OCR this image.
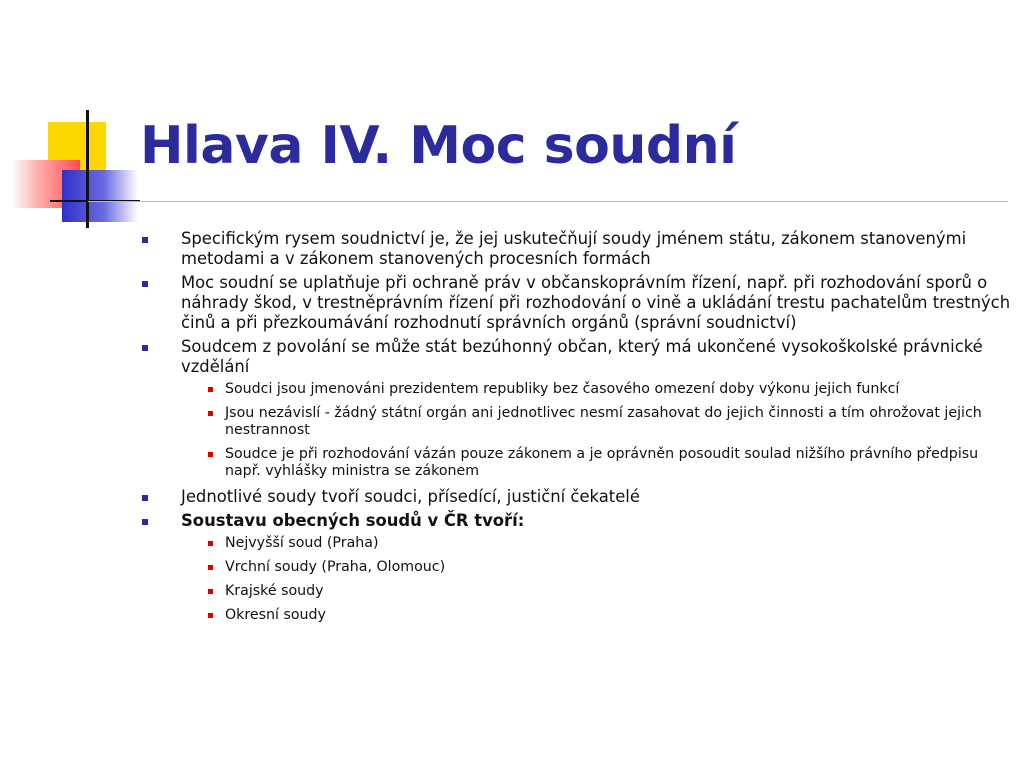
Hlava IV. Moc soudní
Specifickým rysem soudnictví je, že jej uskutečňují soudy jménem státu, zákonem stanovenými metodami a v zákonem stanovených procesních formách
Moc soudní se uplatňuje při ochraně práv v občanskoprávním řízení, např. při rozhodování sporů o náhrady škod, v trestněprávním řízení při rozhodování o vině a ukládání trestu pachatelům trestných činů a při přezkoumávání rozhodnutí správních orgánů (správní soudnictví)
Soudcem z povolání se může stát bezúhonný občan, který má ukončené vysokoškolské právnické vzdělání
Soudci jsou jmenováni prezidentem republiky bez časového omezení doby výkonu jejich funkcí
Jsou nezávislí - žádný státní orgán ani jednotlivec nesmí zasahovat do jejich činnosti a tím ohrožovat jejich nestrannost
Soudce je při rozhodování vázán pouze zákonem a je oprávněn posoudit soulad nižšího právního předpisu např. vyhlášky ministra se zákonem
Jednotlivé soudy tvoří soudci, přísedící, justiční čekatelé
Soustavu obecných soudů v ČR tvoří:
Nejvyšší soud (Praha)
Vrchní soudy (Praha, Olomouc)
Krajské soudy
Okresní soudy
